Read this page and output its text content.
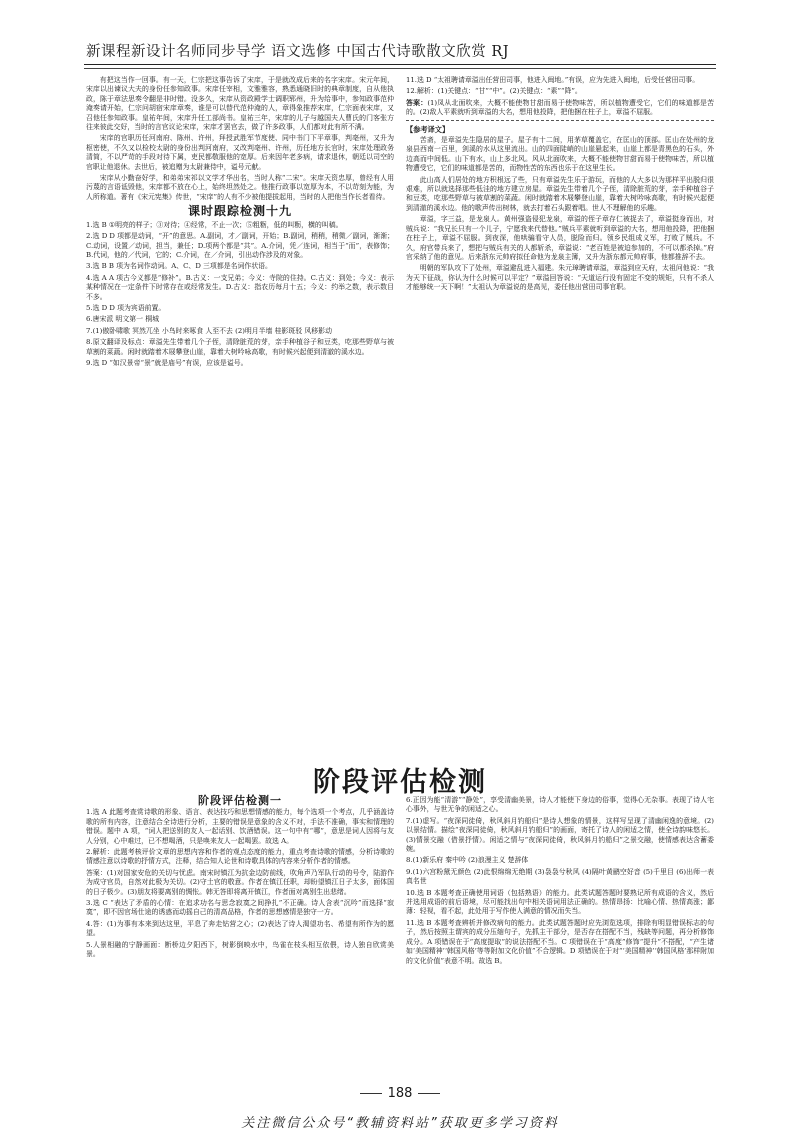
新课程新设计名师同步导学 语文选修 中国古代诗歌散文欣赏 RJ

有把这当作一回事。有一天，仁宗把这事告诉了宋庠，于是就改成后来的名字宋庠。宋元年间，宋庠以出谏议大夫的身份任参知政事。宋庠任宰相，文雅雅容，熟悉通晓旧时的典章制度，自从他执政，陈于章法思奏令翻是非时错。没多久，宋庠从资政殿学士调职郓州，升为给事中，参知政事范仲淹奏请开始，仁宗问胡宿宋庠章奏，谁是可以替代范仲淹的人，章得象推荐宋庠，仁宗面表宋庠，又召他任参知政事。皇祐年间，宋庠升任工部尚书。皇祐三年，宋庠的儿子与越国夫人曹氏的门客张方往来彼此交好，当时的言官议论宋庠，宋庠才罢官去，做了许多政事，人们都对此有所不满。

宋庠的官职历任河南府、陈州、许州，拜授武胜军节度使、同中书门下平章事，判亳州，又升为枢密使，不久又以检校太尉的身份出判河南府，又改判亳州、许州，历任地方长官时，宋庠处理政务清简，不以严苛的手段对待下属，吏民都敬服他的宽厚。后来因年老多病，请求退休，朝廷以司空的官职让他退休。去世后，被追赠为太尉兼侍中，谥号元献。

宋庠从小勤奋好学，和弟弟宋祁以文学才华出名，当时人称“二宋”。宋庠天资忠厚，曾经有人用污蔑的言语诋毁他，宋庠都不放在心上，始终坦然处之。他推行政事以宽厚为本，不以苛刻为能，为人所称道。著有《宋元宪集》传世，“宋庠”的人有不少被他提拔起用，当时的人把他当作长者看待。

课时跟踪检测十九

1.选 B ①明亮的样子；③对待；④经常，不止一次；⑤粗粝，低的叫粝，横的叫稿。

2.选 D D 项都是动词，“开”的意思。A.副词，才／副词，开始；B.副词，稍稍，稍微／副词，渐渐；C.动词，设置／动词，担当，兼任；D.项两个都是“共”。A.介词，凭／连词，相当于“而”，表修饰；B.代词，他的／代词，它的；C.介词，在／介词，引出动作涉及的对象。

3.选 B B 项为名词作动词。A、C、D 三项都是名词作状语。

4.选 A A 项古今义都是“修补”。B.古义：一支兄弟；今义：寺院的住持。C.古义：到处；今义：表示某种情况在一定条件下时常存在或经常发生。D.古义：指农历每月十五；今义：约举之数，表示数目不多。

5.选 D D 项为宾语前置。

6.唐宋派 明文第一 桐城

7.(1)傲卧啸歌 冥然兀坐 小鸟时来啄食 人至不去 (2)明月半墙 桂影斑驳 风移影动

8.原文翻译及标点：章溢先生带着几个子侄，清除脏荒的芽，亲手种植谷子和豆类，吃那些野草与被草割的菜蔬。闲时就踏着木屐攀登山崖，靠着大树吟咏高歌，有时候兴起便到清澈的溪水边。

9.选 D “如汉景帝“景”就是庙号”有误，应该是谥号。

11.选 D “太祖聘请章溢出任营田司事，他进入闽地。”有误，应为先进入闽地，后受任营田司事。

12.解析：(1)关键点：“甘”“中”。(2)关键点：“素”“降”。

答案：(1)凤从北面吹来，大概不能使物甘甜而易于使物味苦，所以植物遭受它，它们的味道都是苦的。(2)敌人平素就听到章溢的大名，想用他投降，把他捆在柱子上，章溢不屈服。

【参考译文】

苦斋，是章溢先生隐居的屋子。屋子有十二间，用茅草覆盖它，在匡山的顶部。匡山在处州的龙泉县西南一百里，剑溪的水从这里流出。山的四面陡峭的山崖悬起来，山崖上都是青黑色的石头，外边高而中间低。山下有水，山上多北风。风从北面吹来，大概不能使物甘甜而易于使物味苦，所以植物遭受它，它们的味道都是苦的，而物性苦的东西也乐于在这里生长。

此山高人们居处的地方积根远了些，只有章溢先生乐于游玩，而他的人大多以为那样平出脱归很艰难，所以就选择那些低洼的地方建立房屋。章溢先生带着几个子侄，清除脏荒的芽，亲手种植谷子和豆类，吃那些野草与被草割的菜蔬。闲时就踏着木屐攀登山崖，靠着大树吟咏高歌，有时候兴起便到清澈的溪水边。他的歌声传出树林，就去打着石头跟着唱。世人不理解他的乐趣。

章溢，字三益，是龙泉人。黄州强盗侵犯龙泉，章溢的侄子章存仁被捉去了，章溢挺身而出，对贼兵说：“我兄长只有一个儿子，宁愿我来代替他。”贼兵平素就听到章溢的大名，想用他投降，把他捆在柱子上，章溢不屈服。到夜深，他哄骗看守人员，脱险而归。领乡民组成义军，打败了贼兵。不久，府官带兵来了，想把与贼兵有关的人都斩杀，章溢说：“老百姓是被迫参加的，不可以都杀掉。”府官采纳了他的意见。后来浙东元帅府拟任命他为龙泉主簿，又升为浙东都元帅府事，他都推辞不去。

明朝的军队攻下了处州，章溢避乱进入福建。朱元璋聘请章溢，章溢到应天府，太祖问他说：“我为天下征战，你认为什么时候可以平定？”章溢回答说：“天道运行没有固定不变的规矩，只有不杀人才能够统一天下啊！”太祖认为章溢说的是高见，委任他出营田司事官职。

阶段评估检测
阶段评估检测一

1.选 A 此题考查赏诗歌的形象、语言、表达技巧和思想情感的能力，每个选项一个考点，几乎涵盖诗歌的所有内容，注意结合全诗进行分析，主要的错误是意象的含义不对，手法不准确，事实和情理的错误。题中 A 项，“词人把送别的友人一起话别、饮酒错误。这一句中有“哪”，意思是词人因将与友人分别，心中难过，已不想喝酒，只是唤来友人一起喝罢。故选 A。

2.解析：此题考核评价文章的思想内容和作者的观点态度的能力，重点考查诗歌的情感，分析诗歌的情感注意以诗歌的抒情方式，注释，结合知人论世和诗歌具体的内容来分析作者的情感。

答案：(1)对国家安危的关切与忧虑。南宋时镇江为抗金边防前线，吹角声乃军队行动的号令，陆游作为成守官员，自然对此极为关切。(2)守土官的敬意。作者在镇江任职，却盼望镇江日子太多，面体国的日子极少。(3)朋友将要离别的惆怅。韩无答即将离开镇江，作者面对离别生出悲绪。

3.选 C “表达了矛盾的心情：在追求功名与思念寂寞之间挣扎”不正确。诗人含表“沉吟”而选择“寂寞”，即不因官场仕途的诱惑而动摇自己的清高品格，作者的思想感情是独守一方。

4.答：(1)为事有本来到达这里，平息了奔走钻营之心；(2)表达了诗人渴望功名、希望有所作为的愿望。

5.人景相融的宁静画面：断桥边夕阳西下，树影倒映水中，鸟雀在枝头相互依偎，诗人独自欣赏美景。

6.正因为能“清游”“静处”，享受清幽美景，诗人才能使下身边的俗事，觉得心无杂事。表现了诗人宅心事外，与世无争的闲适之心。

7.(1)虚写。“夜深同徒倚，秋风斜月钓船归”是诗人想象的情景，这样写呈现了清幽闲逸的意境。(2)以景结情。描绘“夜深同徒倚，秋风斜月钓船归”的画面，寄托了诗人的闲适之情，使全诗韵味悠长。(3)情景交融（借景抒情）。闲适之情与“夜深同徒倚，秋风斜月钓船归”之景交融，使情感表达含蓄委婉。

8.(1)新乐府 秦中吟 (2)浪漫主义 楚辞体

9.(1)六宫粉黛无颜色 (2)此恨绵绵无绝期 (3)袅袅兮秋风 (4)隔叶黄鹂空好音 (5)千里目 (6)出师一表真名世

10.选 B 本题考查正确使用词语（包括熟语）的能力。此类试题答题时要熟记所有成语的含义，然后并选用成语的前后语境，尽可能找出句中相关语词用法正确的。热情昂扬：比喻心情、热情高涨；鄙薄：轻视，看不起，此处用于写作使人满意的情况而失当。

11.选 B 本题考查辨析并修改病句的能力。此类试题答题时应先浏览选项，排除有明显错误标志的句子，然后按照主谓宾的成分压缩句子，先抓主干部分，是否存在搭配不当，残缺等问题，再分析修饰成分。A 项错误在于“高度提取”的说法搭配不当。C 项错误在于“高度”修饰“提升”不搭配，“产生诸如‘美国精神’‘韩国风格’等等附加文化价值”不合逻辑。D 项错误在于对“‘美国精神’‘韩国风格’那样附加的文化价值”表意不明。故选 B。

188
关注微信公众号“教辅资料站”获取更多学习资料
